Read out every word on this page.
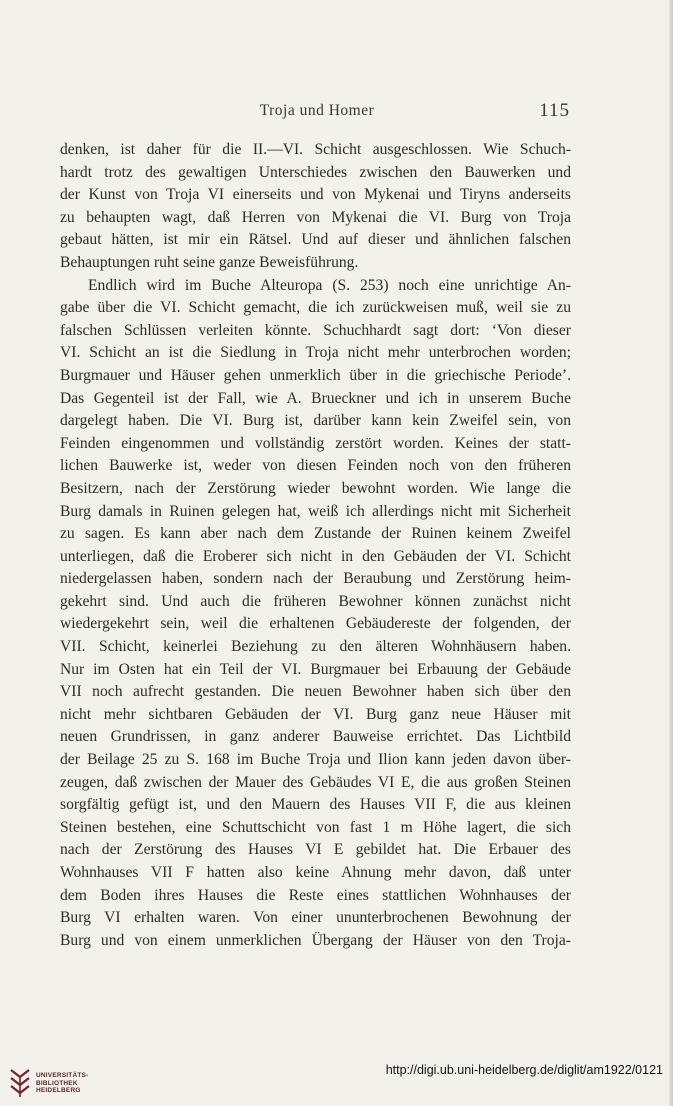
Troja und Homer	115
denken, ist daher für die II.—VI. Schicht ausgeschlossen. Wie Schuch-
hardt trotz des gewaltigen Unterschiedes zwischen den Bauwerken und
der Kunst von Troja VI einerseits und von Mykenai und Tiryns anderseits
zu behaupten wagt, daß Herren von Mykenai die VI. Burg von Troja
gebaut hätten, ist mir ein Rätsel. Und auf dieser und ähnlichen falschen
Behauptungen ruht seine ganze Beweisführung.
Endlich wird im Buche Alteuropa (S. 253) noch eine unrichtige An-
gabe über die VI. Schicht gemacht, die ich zurückweisen muß, weil sie zu
falschen Schlüssen verleiten könnte. Schuchhardt sagt dort: ‘Von dieser
VI. Schicht an ist die Siedlung in Troja nicht mehr unterbrochen worden;
Burgmauer und Häuser gehen unmerklich über in die griechische Periode’.
Das Gegenteil ist der Fall, wie A. Brueckner und ich in unserem Buche
dargelegt haben. Die VI. Burg ist, darüber kann kein Zweifel sein, von
Feinden eingenommen und vollständig zerstört worden. Keines der statt-
lichen Bauwerke ist, weder von diesen Feinden noch von den früheren
Besitzern, nach der Zerstörung wieder bewohnt worden. Wie lange die
Burg damals in Ruinen gelegen hat, weiß ich allerdings nicht mit Sicherheit
zu sagen. Es kann aber nach dem Zustande der Ruinen keinem Zweifel
unterliegen, daß die Eroberer sich nicht in den Gebäuden der VI. Schicht
niedergelassen haben, sondern nach der Beraubung und Zerstörung heim-
gekehrt sind. Und auch die früheren Bewohner können zunächst nicht
wiedergekehrt sein, weil die erhaltenen Gebäudereste der folgenden, der
VII. Schicht, keinerlei Beziehung zu den älteren Wohnhäusern haben.
Nur im Osten hat ein Teil der VI. Burgmauer bei Erbauung der Gebäude
VII noch aufrecht gestanden. Die neuen Bewohner haben sich über den
nicht mehr sichtbaren Gebäuden der VI. Burg ganz neue Häuser mit
neuen Grundrissen, in ganz anderer Bauweise errichtet. Das Lichtbild
der Beilage 25 zu S. 168 im Buche Troja und Ilion kann jeden davon über-
zeugen, daß zwischen der Mauer des Gebäudes VI E, die aus großen Steinen
sorgfältig gefügt ist, und den Mauern des Hauses VII F, die aus kleinen
Steinen bestehen, eine Schuttschicht von fast 1 m Höhe lagert, die sich
nach der Zerstörung des Hauses VI E gebildet hat. Die Erbauer des
Wohnhauses VII F hatten also keine Ahnung mehr davon, daß unter
dem Boden ihres Hauses die Reste eines stattlichen Wohnhauses der
Burg VI erhalten waren. Von einer ununterbrochenen Bewohnung der
Burg und von einem unmerklichen Übergang der Häuser von den Troja-
UNIVERSITÄTS-
BIBLIOTHEK
HEIDELBERG
http://digi.ub.uni-heidelberg.de/diglit/am1922/0121
